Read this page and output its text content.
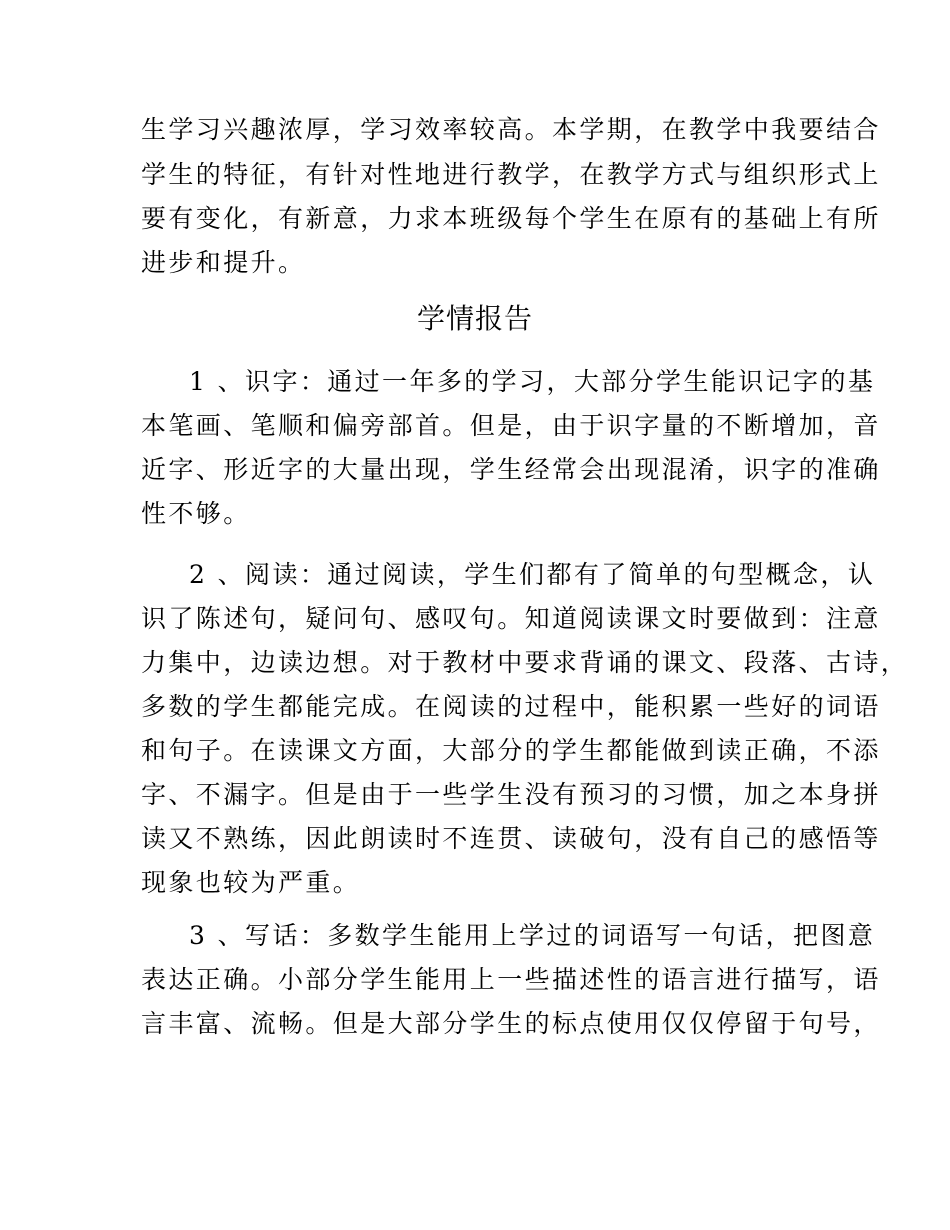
生学习兴趣浓厚，学习效率较高。本学期，在教学中我要结合
学生的特征，有针对性地进行教学，在教学方式与组织形式上
要有变化，有新意，力求本班级每个学生在原有的基础上有所
进步和提升。
学情报告
1 、识字：通过一年多的学习，大部分学生能识记字的基
本笔画、笔顺和偏旁部首。但是，由于识字量的不断增加，音
近字、形近字的大量出现，学生经常会出现混淆，识字的准确
性不够。
2 、阅读：通过阅读，学生们都有了简单的句型概念，认
识了陈述句，疑问句、感叹句。知道阅读课文时要做到：注意
力集中，边读边想。对于教材中要求背诵的课文、段落、古诗，
多数的学生都能完成。在阅读的过程中，能积累一些好的词语
和句子。在读课文方面，大部分的学生都能做到读正确，不添
字、不漏字。但是由于一些学生没有预习的习惯，加之本身拼
读又不熟练，因此朗读时不连贯、读破句，没有自己的感悟等
现象也较为严重。
3 、写话：多数学生能用上学过的词语写一句话，把图意
表达正确。小部分学生能用上一些描述性的语言进行描写，语
言丰富、流畅。但是大部分学生的标点使用仅仅停留于句号，
